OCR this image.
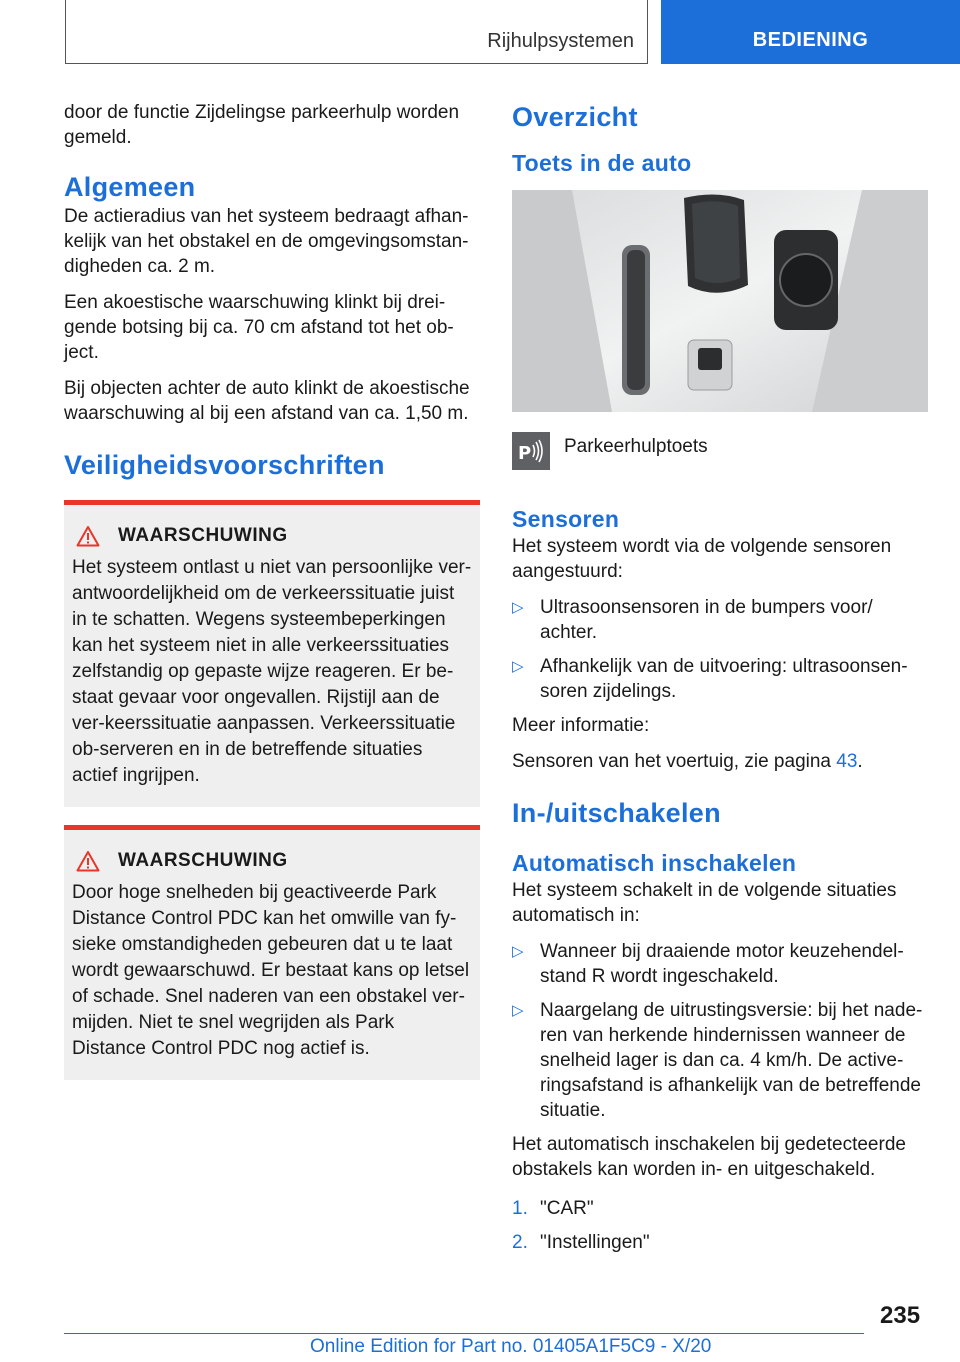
Rijhulpsystemen	BEDIENING

door de functie Zijdelingse parkeerhulp worden gemeld.

Algemeen

De actieradius van het systeem bedraagt afhan-kelijk van het obstakel en de omgevingsomstan-digheden ca. 2 m.

Een akoestische waarschuwing klinkt bij drei-gende botsing bij ca. 70 cm afstand tot het ob-ject.

Bij objecten achter de auto klinkt de akoestische waarschuwing al bij een afstand van ca. 1,50 m.

Veiligheidsvoorschriften
WAARSCHUWING

Het systeem ontlast u niet van persoonlijke ver-antwoordelijkheid om de verkeerssituatie juist in te schatten. Wegens systeembeperkingen kan het systeem niet in alle verkeerssituaties zelfstandig op gepaste wijze reageren. Er be-staat gevaar voor ongevallen. Rijstijl aan de ver-keerssituatie aanpassen. Verkeerssituatie ob-serveren en in de betreffende situaties actief ingrijpen.

WAARSCHUWING

Door hoge snelheden bij geactiveerde Park Distance Control PDC kan het omwille van fy-sieke omstandigheden gebeuren dat u te laat wordt gewaarschuwd. Er bestaat kans op letsel of schade. Snel naderen van een obstakel ver-mijden. Niet te snel wegrijden als Park Distance Control PDC nog actief is.

Overzicht
Toets in de auto
P Parkeerhulptoets

Sensoren

Het systeem wordt via de volgende sensoren aangestuurd:

▷ Ultrasoonsensoren in de bumpers voor/ achter.
▷ Afhankelijk van de uitvoering: ultrasoonsen-soren zijdelings.

Meer informatie:

Sensoren van het voertuig, zie pagina 43.

In-/uitschakelen
Automatisch inschakelen

Het systeem schakelt in de volgende situaties automatisch in:

▷ Wanneer bij draaiende motor keuzehendel-stand R wordt ingeschakeld.
▷ Naargelang de uitrustingsversie: bij het nade-ren van herkende hindernissen wanneer de snelheid lager is dan ca. 4 km/h. De active-ringsafstand is afhankelijk van de betreffende situatie.

Het automatisch inschakelen bij gedetecteerde obstakels kan worden in- en uitgeschakeld.

1. "CAR"
2. "Instellingen"
235
Online Edition for Part no. 01405A1F5C9 - X/20
